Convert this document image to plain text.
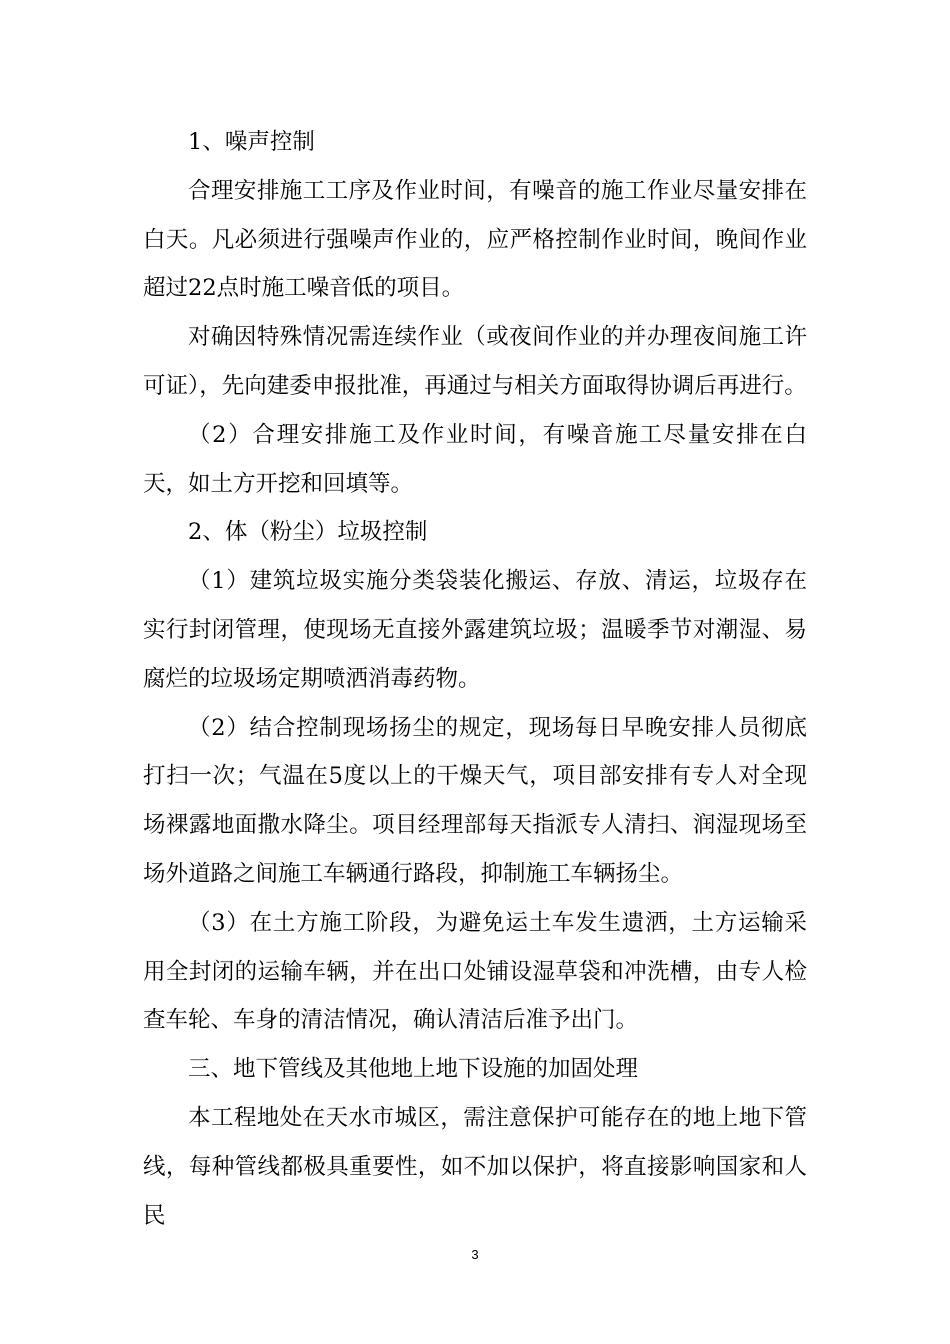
1、噪声控制

合理安排施工工序及作业时间，有噪音的施工作业尽量安排在白天。凡必须进行强噪声作业的，应严格控制作业时间，晚间作业超过22点时施工噪音低的项目。

对确因特殊情况需连续作业（或夜间作业的并办理夜间施工许可证），先向建委申报批准，再通过与相关方面取得协调后再进行。

（2）合理安排施工及作业时间，有噪音施工尽量安排在白天，如土方开挖和回填等。

2、体（粉尘）垃圾控制

（1）建筑垃圾实施分类袋装化搬运、存放、清运，垃圾存在实行封闭管理，使现场无直接外露建筑垃圾；温暖季节对潮湿、易腐烂的垃圾场定期喷洒消毒药物。

（2）结合控制现场扬尘的规定，现场每日早晚安排人员彻底打扫一次；气温在5度以上的干燥天气，项目部安排有专人对全现场裸露地面撒水降尘。项目经理部每天指派专人清扫、润湿现场至场外道路之间施工车辆通行路段，抑制施工车辆扬尘。

（3）在土方施工阶段，为避免运土车发生遗洒，土方运输采用全封闭的运输车辆，并在出口处铺设湿草袋和冲洗槽，由专人检查车轮、车身的清洁情况，确认清洁后准予出门。

三、地下管线及其他地上地下设施的加固处理

本工程地处在天水市城区，需注意保护可能存在的地上地下管线，每种管线都极具重要性，如不加以保护，将直接影响国家和人民

3
